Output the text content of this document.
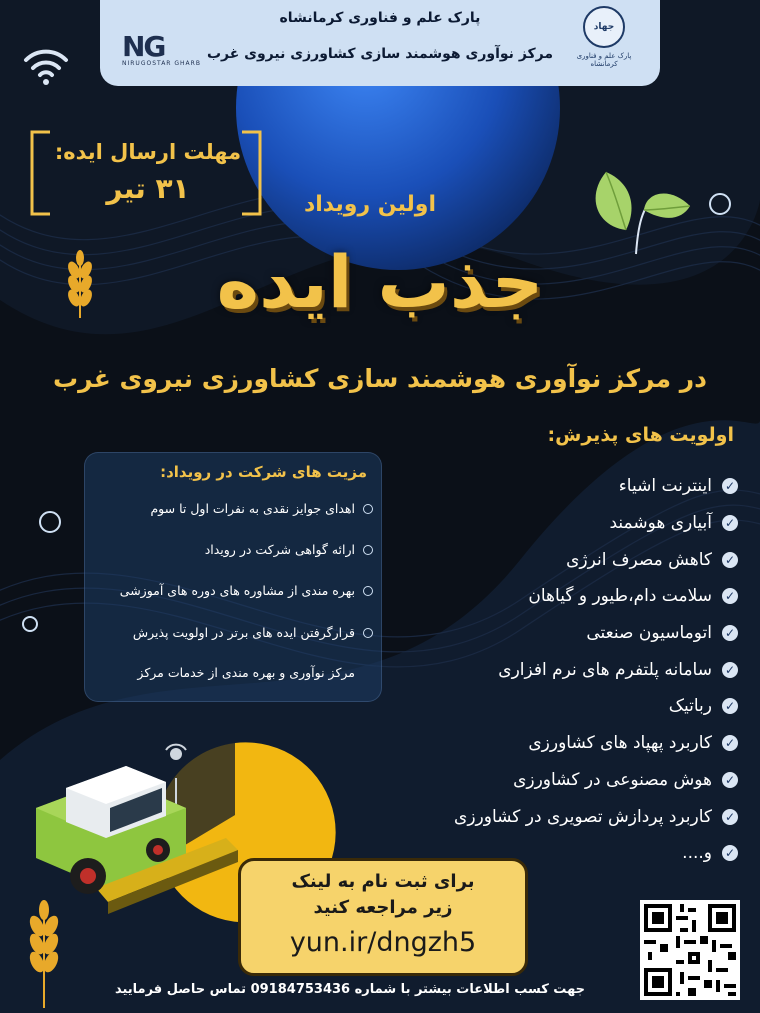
NG
NIRUGOSTAR GHARB
پارک علم و فناوری کرمانشاه
مرکز نوآوری هوشمند سازی کشاورزی نیروی غرب
جهاد
پارک علم و فناوری کرمانشاه
مهلت ارسال ایده:
۳۱ تیر	اولین رویداد
جذب ایده
در مرکز نوآوری هوشمند سازی کشاورزی نیروی غرب
اولویت های پذیرش:
✓
اینترنت اشیاء
✓
آبیاری هوشمند
✓
کاهش مصرف انرژی
✓
سلامت دام،طیور و گیاهان
✓
اتوماسیون صنعتی
✓
سامانه پلتفرم های نرم افزاری
✓
رباتیک
✓
کاربرد پهپاد های کشاورزی
✓
هوش مصنوعی در کشاورزی
✓
کاربرد پردازش تصویری در کشاورزی
✓
و....
مزیت های شرکت در رویداد:
اهدای جوایز نقدی به نفرات اول تا سوم
ارائه گواهی شرکت در رویداد
بهره مندی از مشاوره های دوره های آموزشی
قرارگرفتن ایده های برتر در اولویت پذیرش
مرکز نوآوری و بهره مندی از خدمات مرکز
برای ثبت نام به لینک
زیر مراجعه کنید
yun.ir/dngzh5
جهت کسب اطلاعات بیشتر با شماره 09184753436 تماس حاصل فرمایید
